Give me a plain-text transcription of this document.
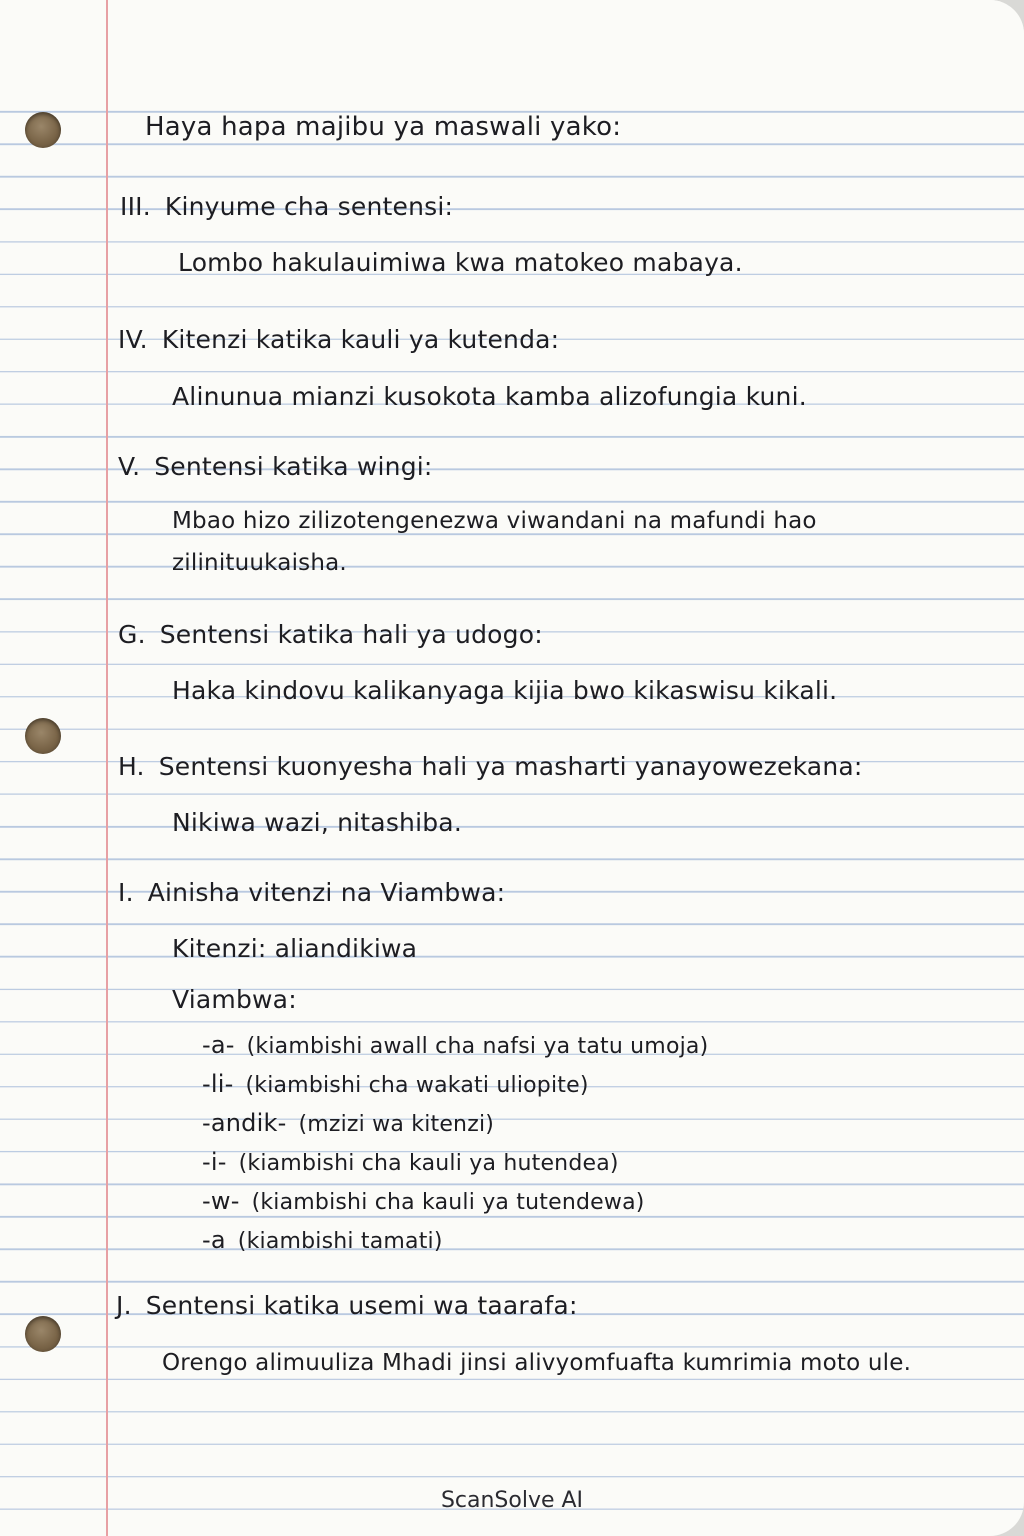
Haya hapa majibu ya maswali yako:
III. Kinyume cha sentensi:
Lombo hakulauimiwa kwa matokeo mabaya.
IV. Kitenzi katika kauli ya kutenda:
Alinunua mianzi kusokota kamba alizofungia kuni.
V. Sentensi katika wingi:
Mbao hizo zilizotengenezwa viwandani na mafundi hao
zilinituukaisha.
G. Sentensi katika hali ya udogo:
Haka kindovu kalikanyaga kijia bwo kikaswisu kikali.
H. Sentensi kuonyesha hali ya masharti yanayowezekana:
Nikiwa wazi, nitashiba.
I. Ainisha vitenzi na Viambwa:
Kitenzi: aliandikiwa
Viambwa:
-a- (kiambishi awall cha nafsi ya tatu umoja)
-li- (kiambishi cha wakati uliopite)
-andik- (mzizi wa kitenzi)
-i- (kiambishi cha kauli ya hutendea)
-w- (kiambishi cha kauli ya tutendewa)
-a (kiambishi tamati)
J. Sentensi katika usemi wa taarafa:
Orengo alimuuliza Mhadi jinsi alivyomfuafta kumrimia moto ule.
ScanSolve AI
